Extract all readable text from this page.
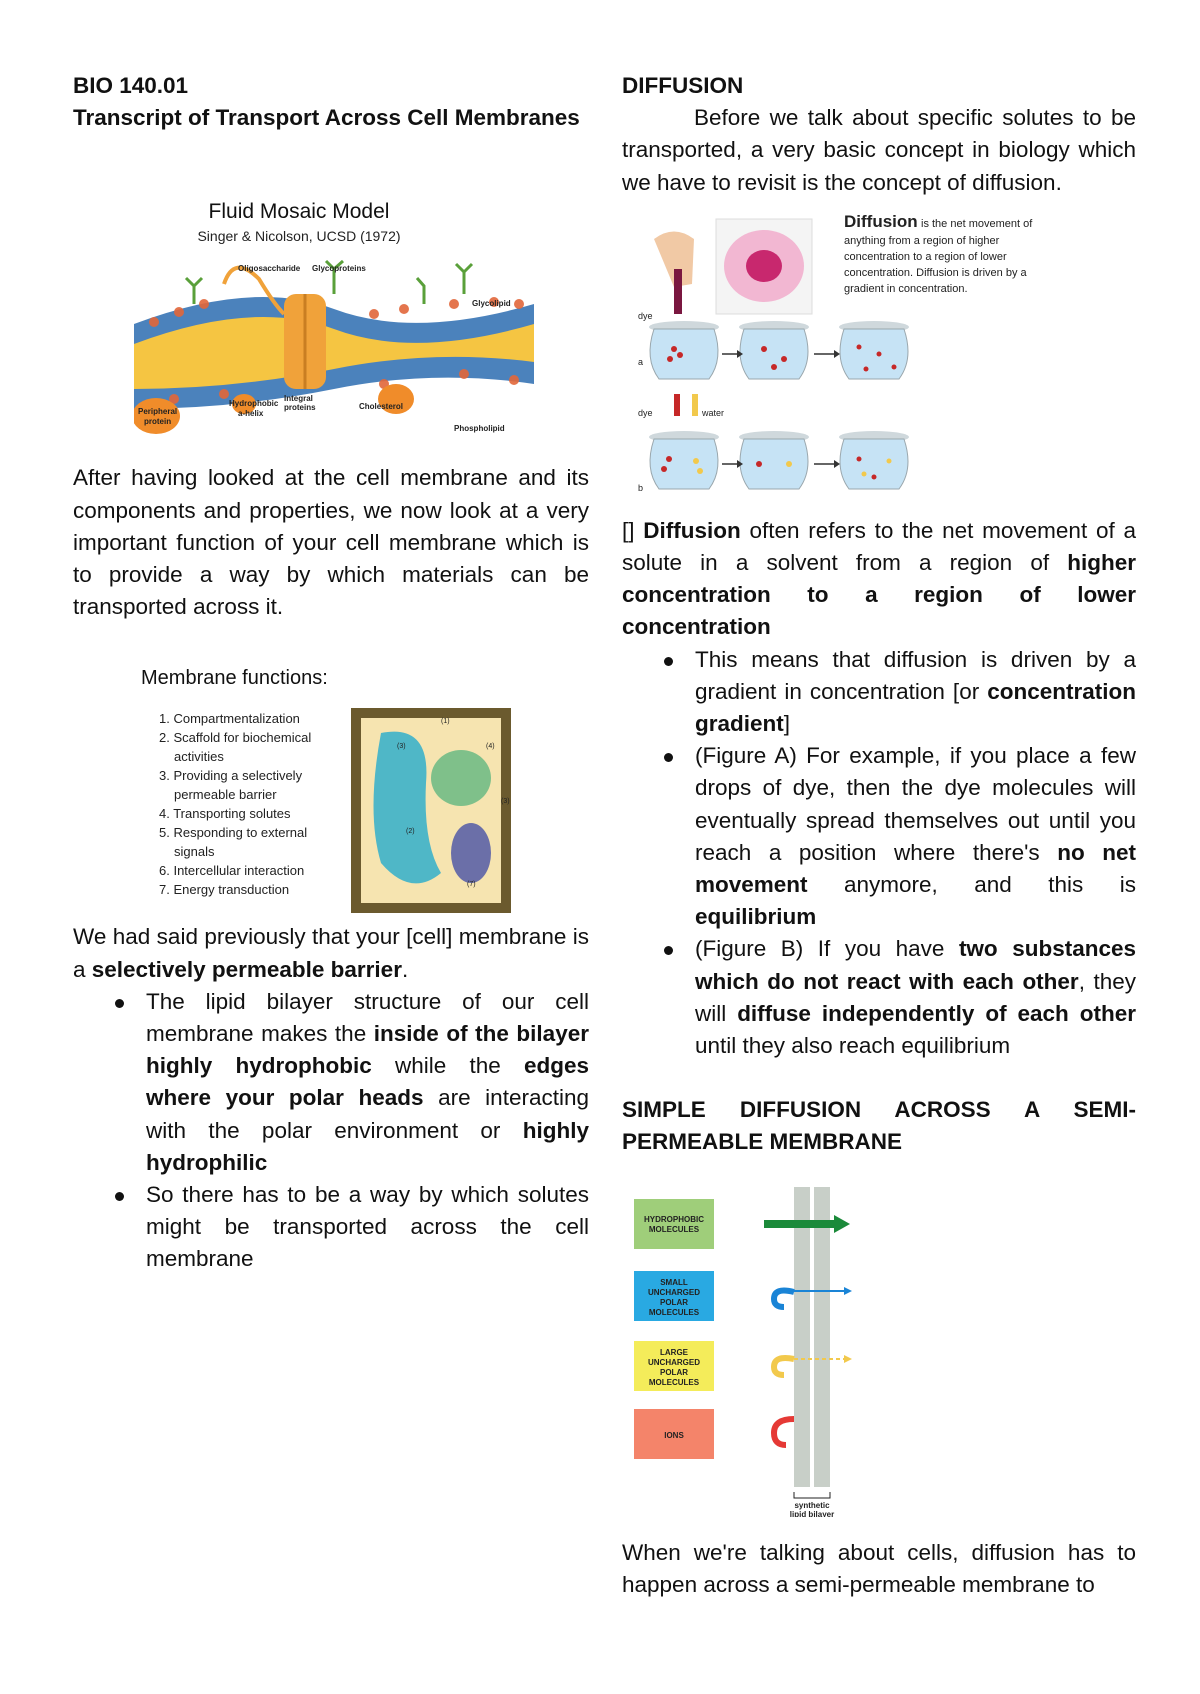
BIO 140.01

Transcript of Transport Across Cell Membranes

Fluid Mosaic Model
Singer & Nicolson, UCSD (1972)
Oligosaccharide Glycoproteins
Glycolipid
Hydrophobic
a-helix
Integral
proteins	Cholesterol
Peripheral
protein
Phospholipid

After having looked at the cell membrane and its components and properties, we now look at a very important function of your cell membrane which is to provide a way by which materials can be transported across it.

Membrane functions:
1. Compartmentalization
2. Scaffold for biochemical
activities
3. Providing a selectively
permeable barrier
4. Transporting solutes
5. Responding to external
signals
6. Intercellular interaction
7. Energy transduction
(1)
(4)
(3)
(3)
(2)
(7)

We had said previously that your [cell] membrane is a selectively permeable barrier.

The lipid bilayer structure of our cell membrane makes the inside of the bilayer highly hydrophobic while the edges where your polar heads are interacting with the polar environment or highly hydrophilic
So there has to be a way by which solutes might be transported across the cell membrane

DIFFUSION

Before we talk about specific solutes to be transported, a very basic concept in biology which we have to revisit is the concept of diffusion.

Diffusion is the net movement of
anything from a region of higher
concentration to a region of lower
concentration. Diffusion is driven by a
gradient in concentration.
dye
a
dye	water
b

[] Diffusion often refers to the net movement of a solute in a solvent from a region of higher concentration to a region of lower concentration

This means that diffusion is driven by a gradient in concentration [or concentration gradient]
(Figure A) For example, if you place a few drops of dye, then the dye molecules will eventually spread themselves out until you reach a position where there's no net movement anymore, and this is equilibrium
(Figure B) If you have two substances which do not react with each other, they will diffuse independently of each other until they also reach equilibrium

SIMPLE DIFFUSION ACROSS A SEMI-PERMEABLE MEMBRANE

HYDROPHOBIC
MOLECULES
SMALL
UNCHARGED
POLAR
MOLECULES
LARGE
UNCHARGED
POLAR
MOLECULES
IONS
synthetic
lipid bilayer

When we're talking about cells, diffusion has to happen across a semi-permeable membrane to
